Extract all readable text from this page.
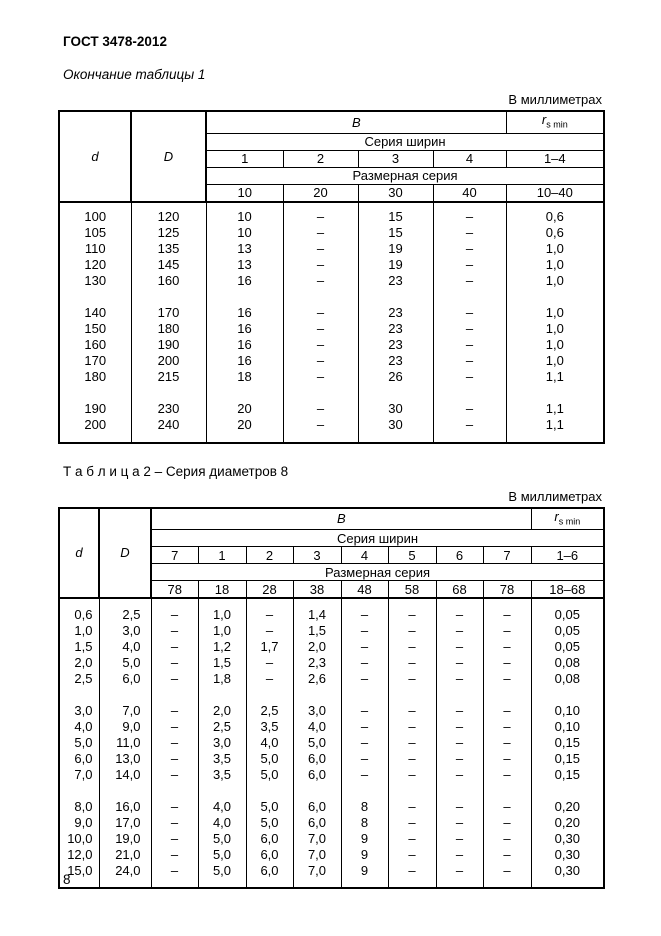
ГОСТ 3478-2012
Окончание таблицы 1
В миллиметрах
d	D	B				$r_{s min}$
		Серия ширин				
		1	2	3	4	1–4
		Размерная серия				
		10	20	30	40	10–40

100	120	10	–	15	–	0,6
105	125	10	–	15	–	0,6
110	135	13	–	19	–	1,0
120	145	13	–	19	–	1,0
130	160	16	–	23	–	1,0

140	170	16	–	23	–	1,0
150	180	16	–	23	–	1,0
160	190	16	–	23	–	1,0
170	200	16	–	23	–	1,0
180	215	18	–	26	–	1,1

190	230	20	–	30	–	1,1
200	240	20	–	30	–	1,1

Т а б л и ц а 2 – Серия диаметров 8
В миллиметрах
d	D	B								$r_{s min}$
		Серия ширин								
		7	1	2	3	4	5	6	7	1–6
		Размерная серия								
		78	18	28	38	48	58	68	78	18–68

0,6	2,5	–	1,0	–	1,4	–	–	–	–	0,05
1,0	3,0	–	1,0	–	1,5	–	–	–	–	0,05
1,5	4,0	–	1,2	1,7	2,0	–	–	–	–	0,05
2,0	5,0	–	1,5	–	2,3	–	–	–	–	0,08
2,5	6,0	–	1,8	–	2,6	–	–	–	–	0,08

3,0	7,0	–	2,0	2,5	3,0	–	–	–	–	0,10
4,0	9,0	–	2,5	3,5	4,0	–	–	–	–	0,10
5,0	11,0	–	3,0	4,0	5,0	–	–	–	–	0,15
6,0	13,0	–	3,5	5,0	6,0	–	–	–	–	0,15
7,0	14,0	–	3,5	5,0	6,0	–	–	–	–	0,15

8,0	16,0	–	4,0	5,0	6,0	8	–	–	–	0,20
9,0	17,0	–	4,0	5,0	6,0	8	–	–	–	0,20
10,0	19,0	–	5,0	6,0	7,0	9	–	–	–	0,30
12,0	21,0	–	5,0	6,0	7,0	9	–	–	–	0,30
15,0	24,0	–	5,0	6,0	7,0	9	–	–	–	0,30

8
